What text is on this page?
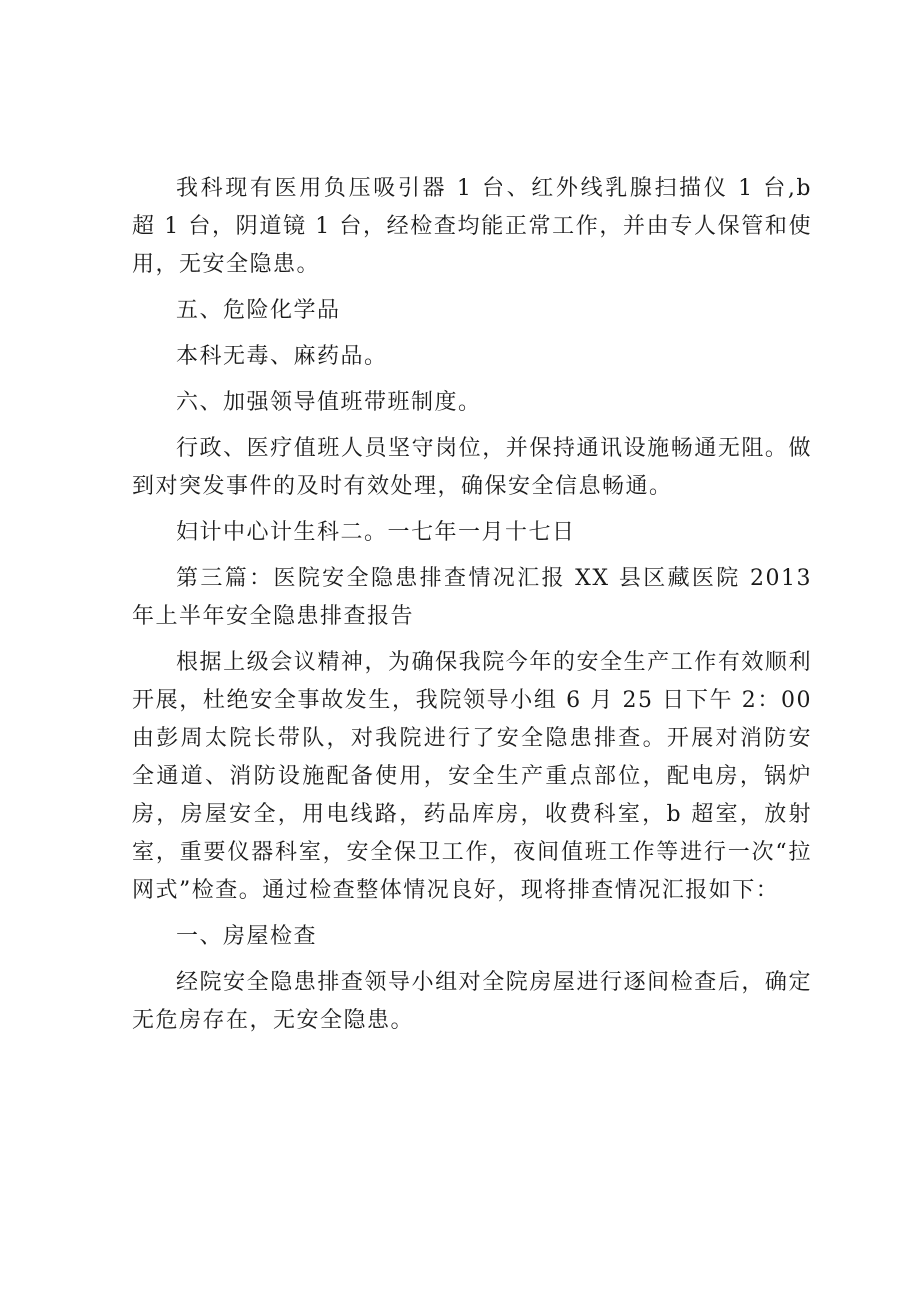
我科现有医用负压吸引器 1 台、红外线乳腺扫描仪 1 台,b 超 1 台，阴道镜 1 台，经检查均能正常工作，并由专人保管和使用，无安全隐患。

五、危险化学品

本科无毒、麻药品。

六、加强领导值班带班制度。

行政、医疗值班人员坚守岗位，并保持通讯设施畅通无阻。做到对突发事件的及时有效处理，确保安全信息畅通。

妇计中心计生科二。一七年一月十七日

第三篇：医院安全隐患排查情况汇报 XX 县区藏医院 2013 年上半年安全隐患排查报告

根据上级会议精神，为确保我院今年的安全生产工作有效顺利开展，杜绝安全事故发生，我院领导小组 6 月 25 日下午 2：00 由彭周太院长带队，对我院进行了安全隐患排查。开展对消防安全通道、消防设施配备使用，安全生产重点部位，配电房，锅炉房，房屋安全，用电线路，药品库房，收费科室，b 超室，放射室，重要仪器科室，安全保卫工作，夜间值班工作等进行一次“拉网式”检查。通过检查整体情况良好，现将排查情况汇报如下：

一、房屋检查

经院安全隐患排查领导小组对全院房屋进行逐间检查后，确定无危房存在，无安全隐患。
